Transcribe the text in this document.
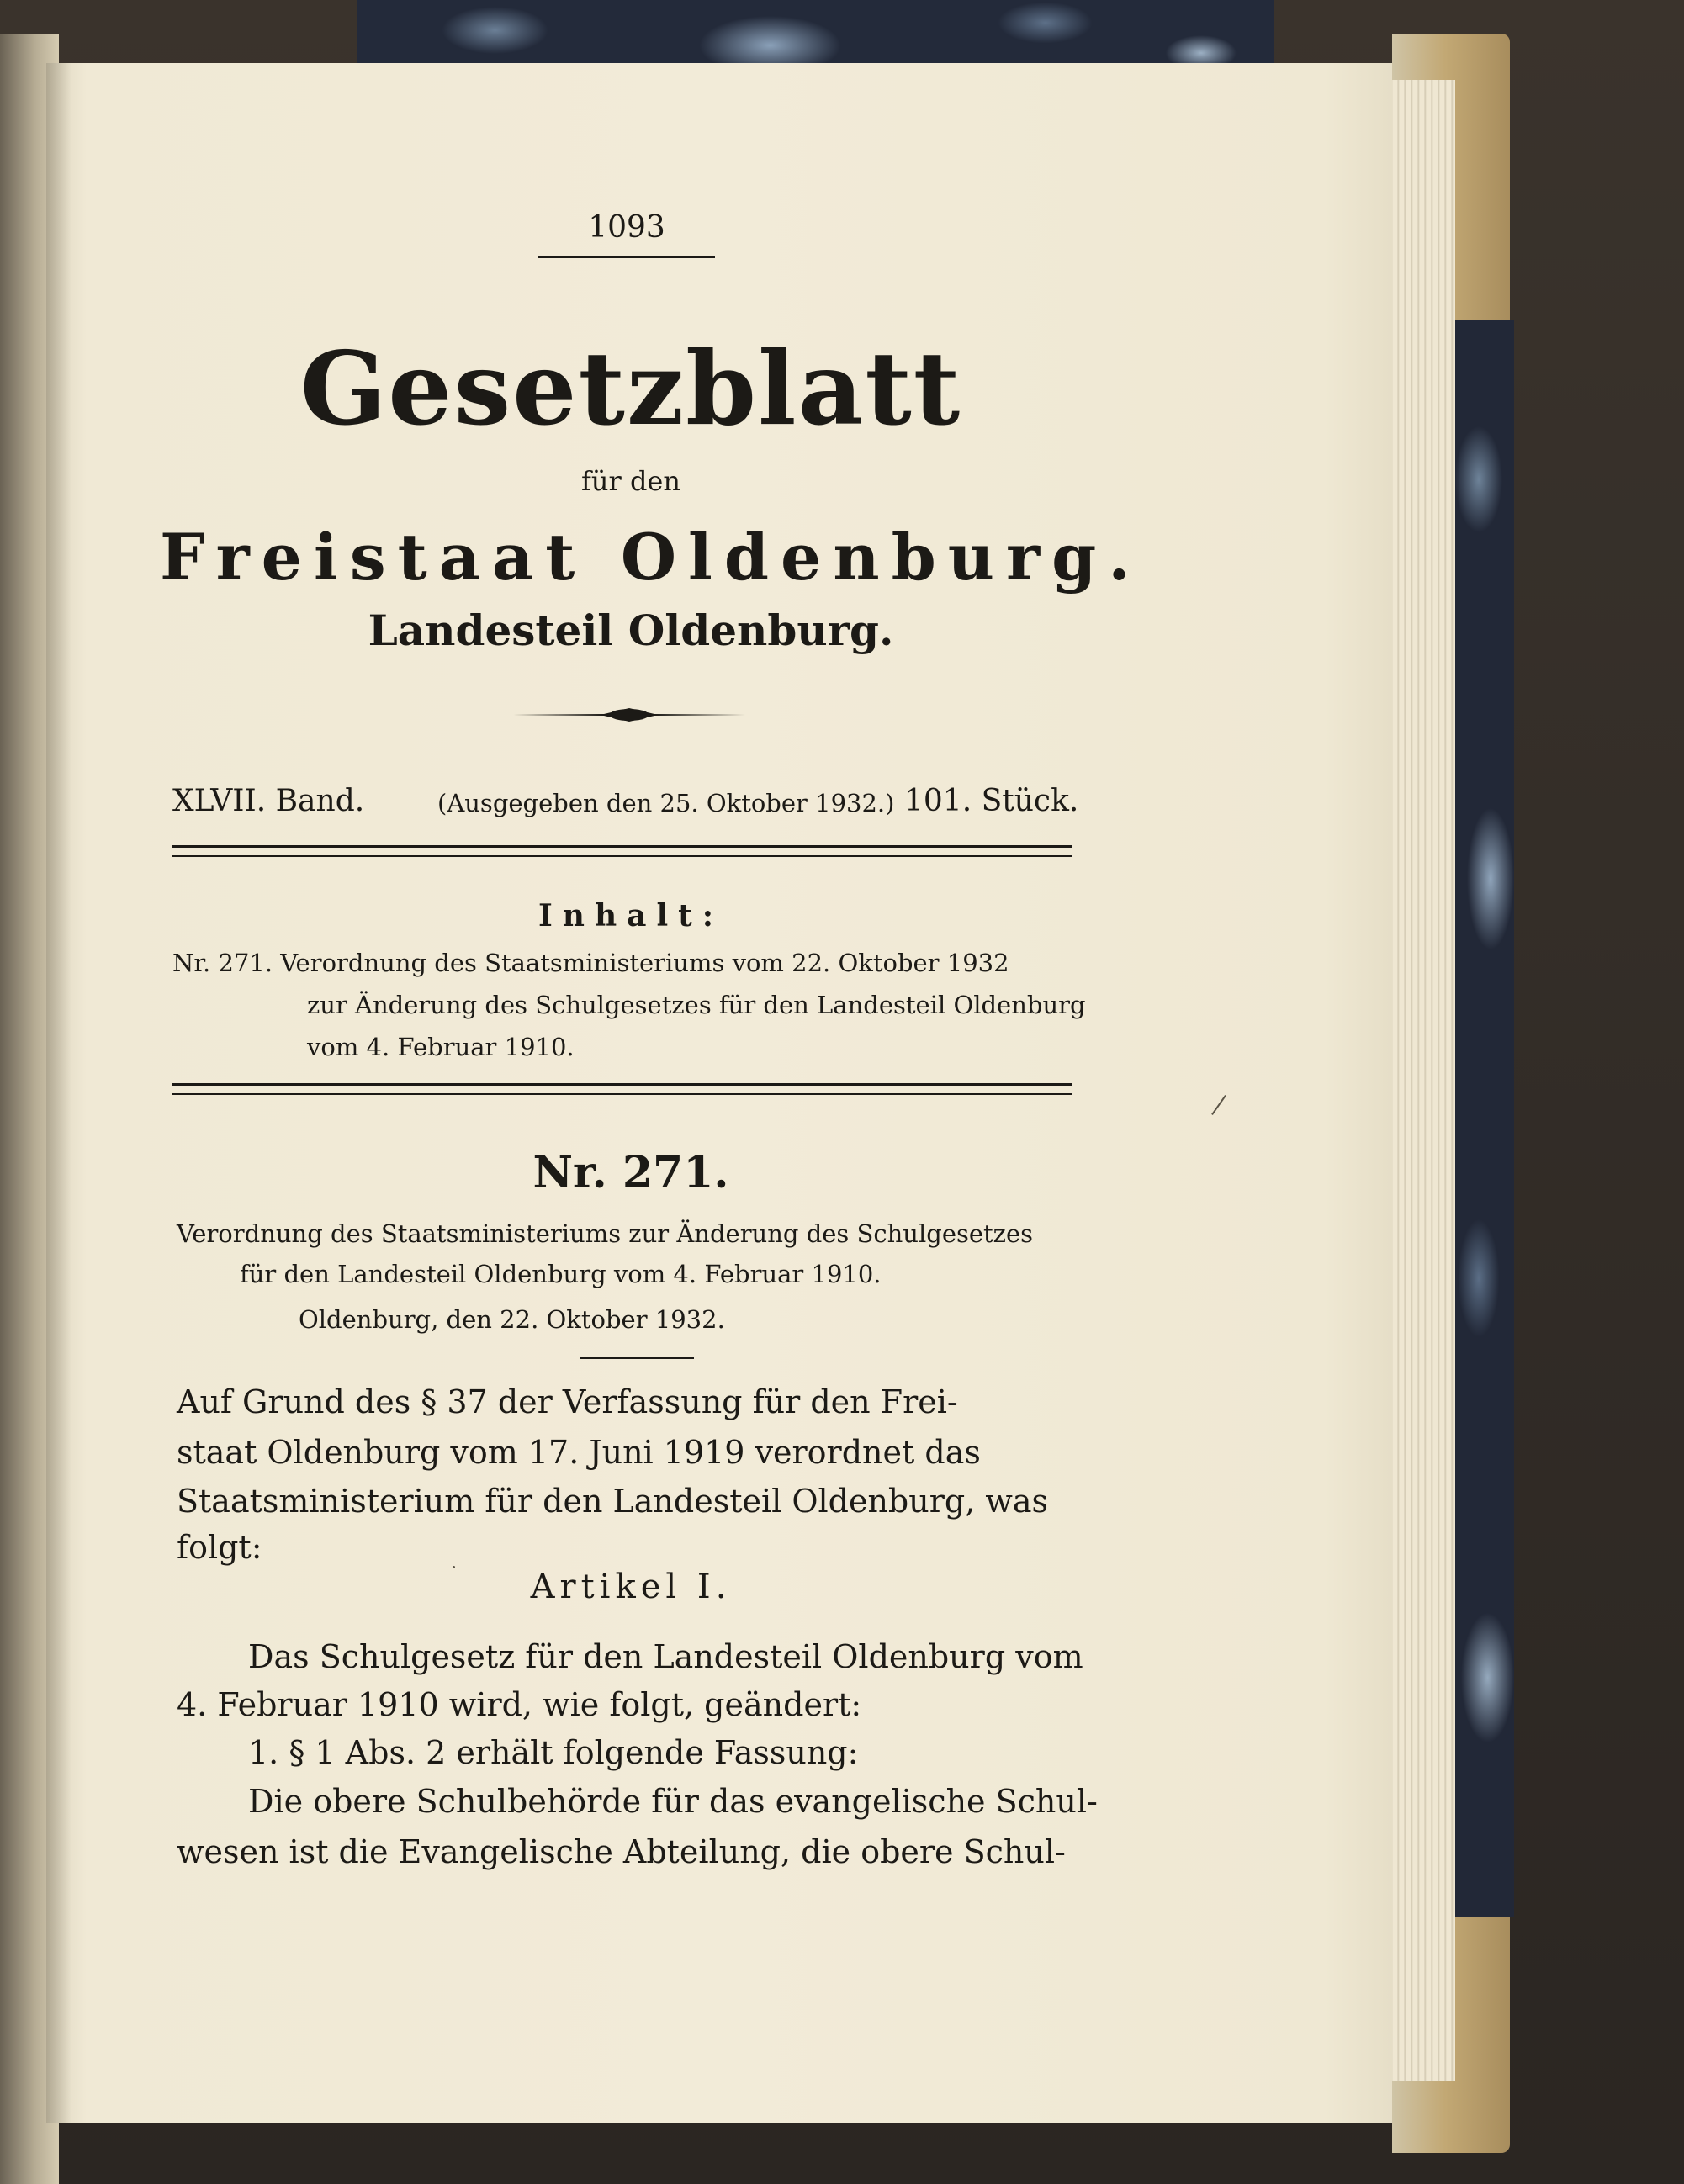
1093
Gesetzblatt
für den
Freistaat Oldenburg.
Landesteil Oldenburg.
XLVII. Band.	(Ausgegeben den 25. Oktober 1932.) 101. Stück.
Inhalt:
Nr. 271. Verordnung des Staatsministeriums vom 22. Oktober 1932
zur Änderung des Schulgesetzes für den Landesteil Oldenburg
vom 4. Februar 1910.
Nr. 271.
Verordnung des Staatsministeriums zur Änderung des Schulgesetzes
für den Landesteil Oldenburg vom 4. Februar 1910.
Oldenburg, den 22. Oktober 1932.
Auf Grund des § 37 der Verfassung für den Frei-
staat Oldenburg vom 17. Juni 1919 verordnet das
Staatsministerium für den Landesteil Oldenburg, was
folgt:
Artikel I.
Das Schulgesetz für den Landesteil Oldenburg vom
4. Februar 1910 wird, wie folgt, geändert:
1. § 1 Abs. 2 erhält folgende Fassung:
Die obere Schulbehörde für das evangelische Schul-
wesen ist die Evangelische Abteilung, die obere Schul-
